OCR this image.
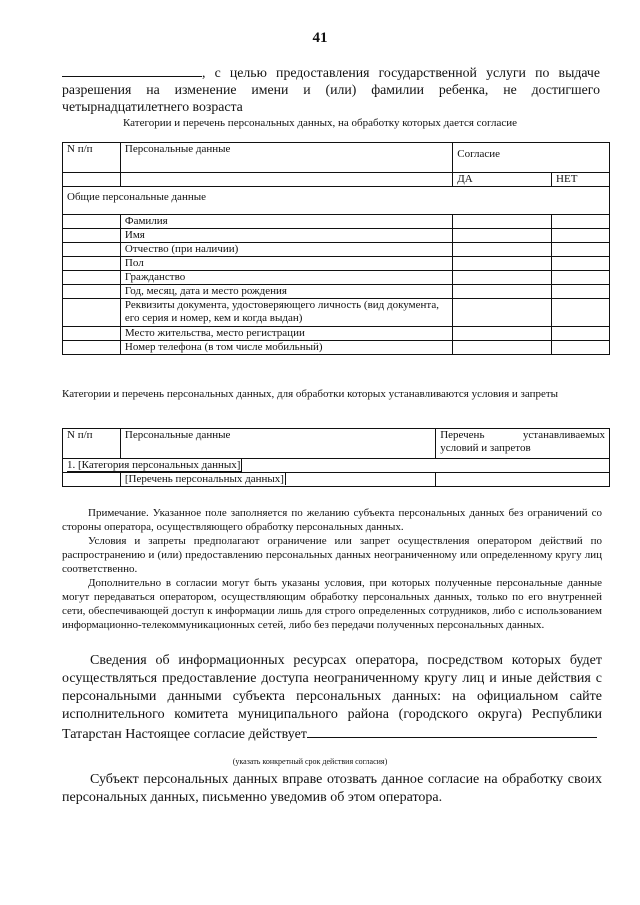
41
, с целью предоставления государственной услуги по выдаче разрешения на изменение имени и (или) фамилии ребенка, не достигшего четырнадцатилетнего возраста
Категории и перечень персональных данных, на обработку которых дается согласие
N п/п	Персональные данные	Согласие	
		ДА	НЕТ
Общие персональные данные			
	Фамилия		
	Имя		
	Отчество (при наличии)		
	Пол		
	Гражданство		
	Год, месяц, дата и место рождения		
	Реквизиты документа, удостоверяющего личность (вид документа, его серия и номер, кем и когда выдан)		
	Место жительства, место регистрации		
	Номер телефона (в том числе мобильный)		
Категории и перечень персональных данных, для обработки которых устанавливаются условия и запреты
N п/п	Персональные данные	Перечень устанавливаемых условий и запретов
1. [Категория персональных данных]		
	[Перечень персональных данных]	

Примечание. Указанное поле заполняется по желанию субъекта персональных данных без ограничений со стороны оператора, осуществляющего обработку персональных данных.

Условия и запреты предполагают ограничение или запрет осуществления оператором действий по распространению и (или) предоставлению персональных данных неограниченному или определенному кругу лиц соответственно.

Дополнительно в согласии могут быть указаны условия, при которых полученные персональные данные могут передаваться оператором, осуществляющим обработку персональных данных, только по его внутренней сети, обеспечивающей доступ к информации лишь для строго определенных сотрудников, либо с использованием информационно-телекоммуникационных сетей, либо без передачи полученных персональных данных.

Сведения об информационных ресурсах оператора, посредством которых будет осуществляться предоставление доступа неограниченному кругу лиц и иные действия с персональными данными субъекта персональных данных: на официальном сайте исполнительного комитета муниципального района (городского округа) Республики Татарстан Настоящее согласие действует

(указать конкретный срок действия согласия)
Субъект персональных данных вправе отозвать данное согласие на обработку своих персональных данных, письменно уведомив об этом оператора.
